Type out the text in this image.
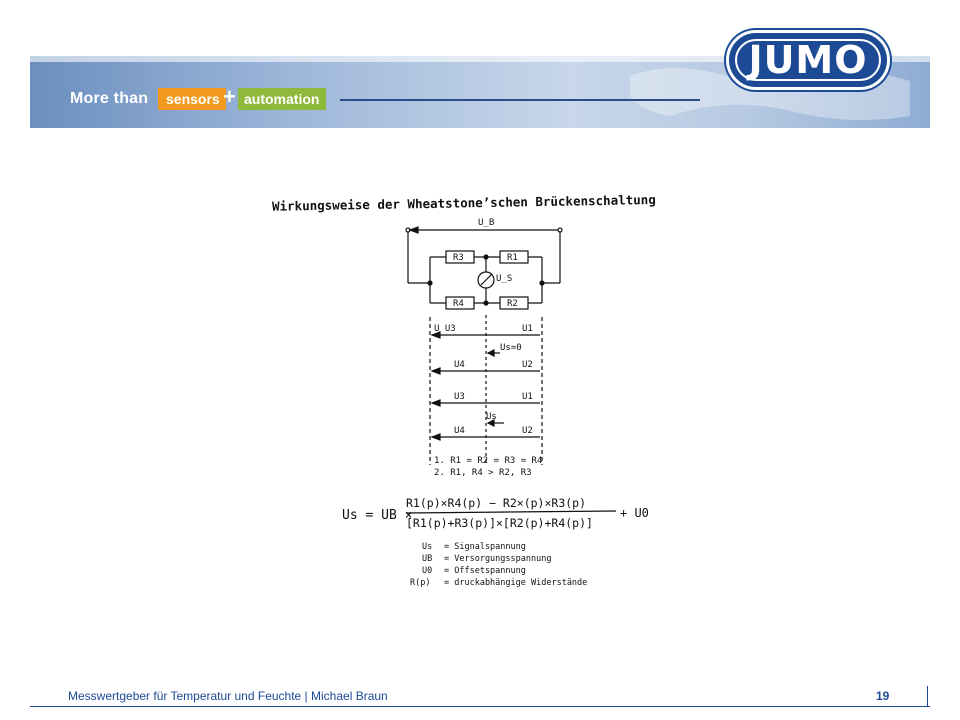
More than	sensors + automation
JUMO
Wirkungsweise der Wheatstone’schen Brückenschaltung
U_B
R3	R1
R4	R2
U_S
U U3	U1
Us=0
U4	U2
U3	U1
Us
U4	U2
1. R1 = R2 = R3 = R4
2. R1, R4 > R2, R3
Us = UB ×
R1(p)×R4(p) − R2×(p)×R3(p)
[R1(p)+R3(p)]×[R2(p)+R4(p)]
+ U0
Us = Signalspannung
UB = Versorgungsspannung
U0 = Offsetspannung
R(p) = druckabhängige Widerstände
Messwertgeber für Temperatur und Feuchte | Michael Braun	19
